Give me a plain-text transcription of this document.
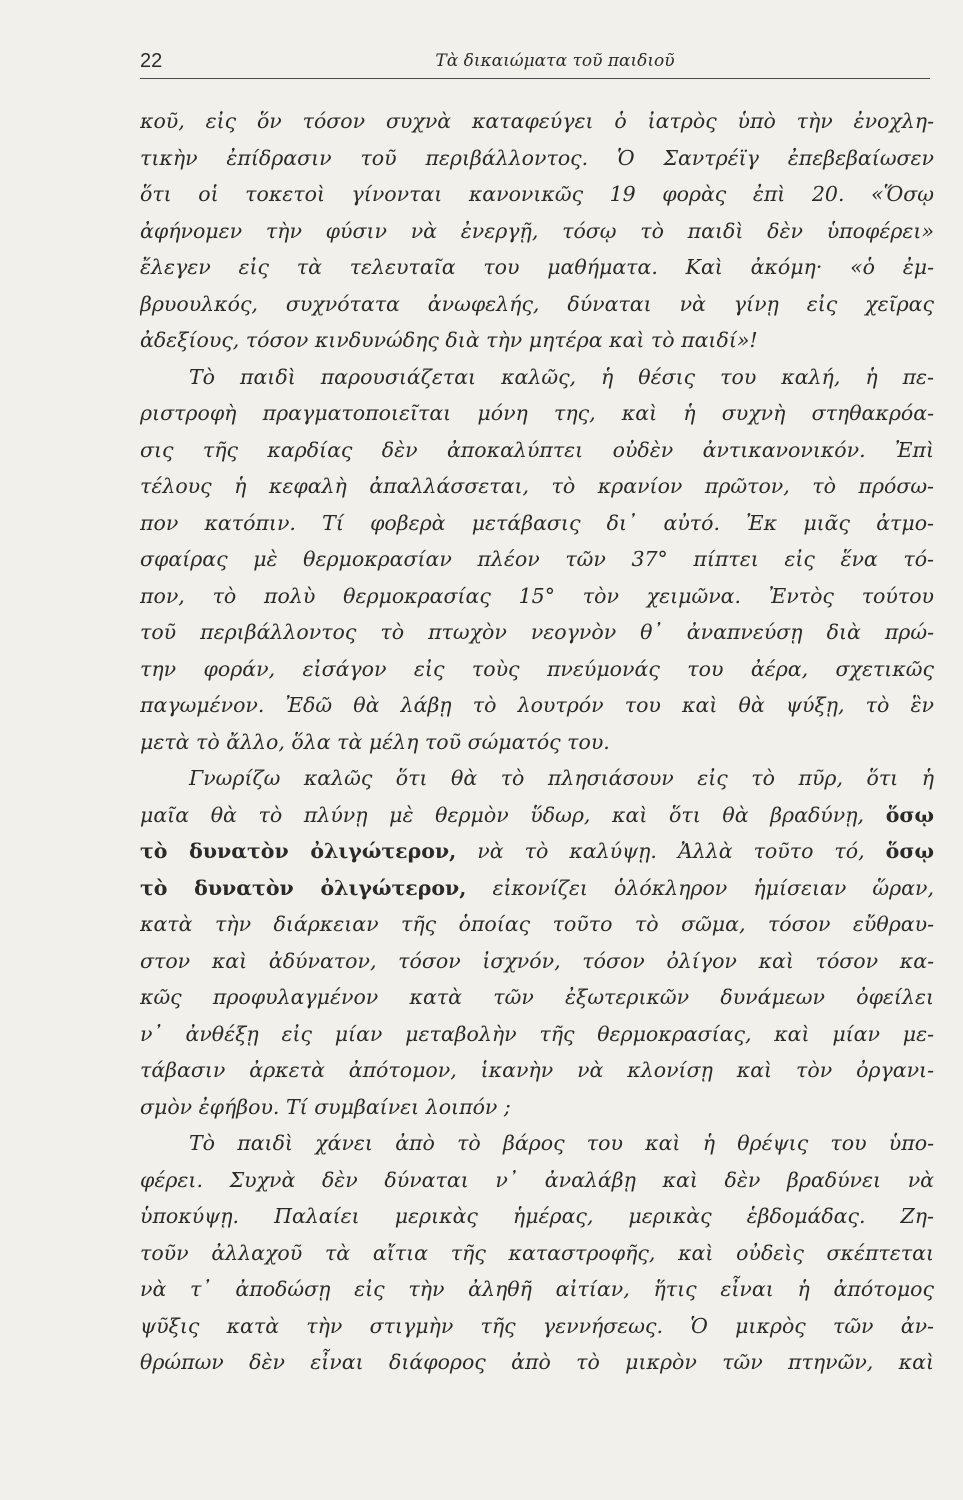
22	Τὰ δικαιώματα τοῦ παιδιοῦ
κοῦ, εἰς ὅν τόσον συχνὰ καταφεύγει ὁ ἰατρὸς ὑπὸ τὴν ἐνοχλη-
τικὴν ἐπίδρασιν τοῦ περιβάλλοντος. Ὁ Σαντρέϊγ ἐπεβεβαίωσεν
ὅτι οἱ τοκετοὶ γίνονται κανονικῶς 19 φορὰς ἐπὶ 20. «Ὅσῳ
ἀφήνομεν τὴν φύσιν νὰ ἐνεργῇ, τόσῳ τὸ παιδὶ δὲν ὑποφέρει»
ἔλεγεν εἰς τὰ τελευταῖα του μαθήματα. Καὶ ἀκόμη· «ὁ ἐμ-
βρυουλκός, συχνότατα ἀνωφελής, δύναται νὰ γίνῃ εἰς χεῖρας
ἀδεξίους, τόσον κινδυνώδης διὰ τὴν μητέρα καὶ τὸ παιδί»!
Τὸ παιδὶ παρουσιάζεται καλῶς, ἡ θέσις του καλή, ἡ πε-
ριστροφὴ πραγματοποιεῖται μόνη της, καὶ ἡ συχνὴ στηθακρόα-
σις τῆς καρδίας δὲν ἀποκαλύπτει οὐδὲν ἀντικανονικόν. Ἐπὶ
τέλους ἡ κεφαλὴ ἀπαλλάσσεται, τὸ κρανίον πρῶτον, τὸ πρόσω-
πον κατόπιν. Τί φοβερὰ μετάβασις δι᾽ αὐτό. Ἐκ μιᾶς ἀτμο-
σφαίρας μὲ θερμοκρασίαν πλέον τῶν 37° πίπτει εἰς ἕνα τό-
πον, τὸ πολὺ θερμοκρασίας 15° τὸν χειμῶνα. Ἐντὸς τούτου
τοῦ περιβάλλοντος τὸ πτωχὸν νεογνὸν θ᾽ ἀναπνεύσῃ διὰ πρώ-
την φοράν, εἰσάγον εἰς τοὺς πνεύμονάς του ἀέρα, σχετικῶς
παγωμένον. Ἐδῶ θὰ λάβῃ τὸ λουτρόν του καὶ θὰ ψύξῃ, τὸ ἓν
μετὰ τὸ ἄλλο, ὅλα τὰ μέλη τοῦ σώματός του.
Γνωρίζω καλῶς ὅτι θὰ τὸ πλησιάσουν εἰς τὸ πῦρ, ὅτι ἡ
μαῖα θὰ τὸ πλύνῃ μὲ θερμὸν ὕδωρ, καὶ ὅτι θὰ βραδύνῃ, ὅσῳ
τὸ δυνατὸν ὀλιγώτερον, νὰ τὸ καλύψῃ. Ἀλλὰ τοῦτο τό, ὅσῳ
τὸ δυνατὸν ὀλιγώτερον, εἰκονίζει ὁλόκληρον ἡμίσειαν ὥραν,
κατὰ τὴν διάρκειαν τῆς ὁποίας τοῦτο τὸ σῶμα, τόσον εὔθραυ-
στον καὶ ἀδύνατον, τόσον ἰσχνόν, τόσον ὀλίγον καὶ τόσον κα-
κῶς προφυλαγμένον κατὰ τῶν ἐξωτερικῶν δυνάμεων ὀφείλει
ν᾽ ἀνθέξῃ εἰς μίαν μεταβολὴν τῆς θερμοκρασίας, καὶ μίαν με-
τάβασιν ἀρκετὰ ἀπότομον, ἱκανὴν νὰ κλονίσῃ καὶ τὸν ὀργανι-
σμὸν ἐφήβου. Τί συμβαίνει λοιπόν ;
Τὸ παιδὶ χάνει ἀπὸ τὸ βάρος του καὶ ἡ θρέψις του ὑπο-
φέρει. Συχνὰ δὲν δύναται ν᾽ ἀναλάβῃ καὶ δὲν βραδύνει νὰ
ὑποκύψῃ. Παλαίει μερικὰς ἡμέρας, μερικὰς ἑβδομάδας. Ζη-
τοῦν ἀλλαχοῦ τὰ αἴτια τῆς καταστροφῆς, καὶ οὐδεὶς σκέπτεται
νὰ τ᾽ ἀποδώσῃ εἰς τὴν ἀληθῆ αἰτίαν, ἥτις εἶναι ἡ ἀπότομος
ψῦξις κατὰ τὴν στιγμὴν τῆς γεννήσεως. Ὁ μικρὸς τῶν ἀν-
θρώπων δὲν εἶναι διάφορος ἀπὸ τὸ μικρὸν τῶν πτηνῶν, καὶ
